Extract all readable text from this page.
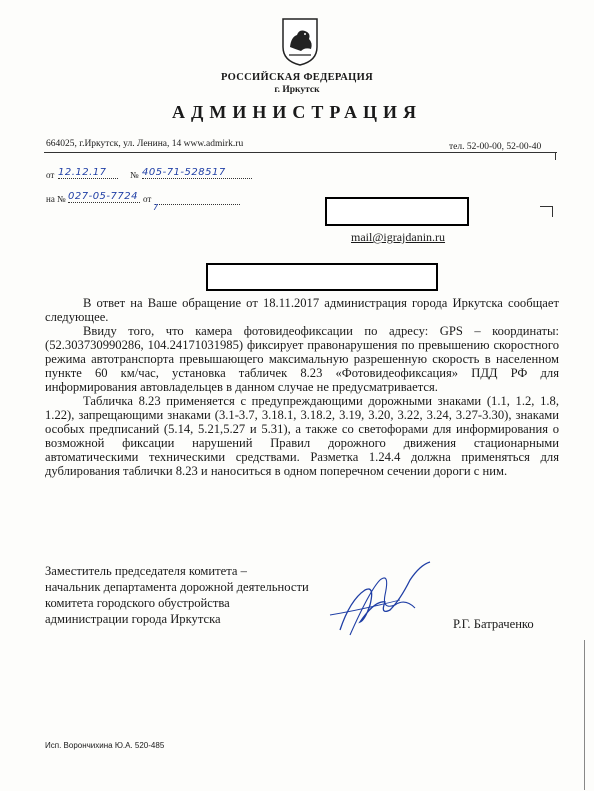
РОССИЙСКАЯ ФЕДЕРАЦИЯ
г. Иркутск
АДМИНИСТРАЦИЯ
664025, г.Иркутск, ул. Ленина, 14 www.admirk.ru	тел. 52-00-00, 52-00-40
от 12.12.17	№ 405-71-528517
на № 027-05-7724 от
7
mail@igrajdanin.ru

В ответ на Ваше обращение от 18.11.2017 администрация города Иркутска сообщает следующее.

Ввиду того, что камера фотовидеофиксации по адресу: GPS – координаты: (52.303730990286, 104.24171031985) фиксирует правонарушения по превышению скоростного режима автотранспорта превышающего максимальную разрешенную скорость в населенном пункте 60 км/час, установка табличек 8.23 «Фотовидеофиксация» ПДД РФ для информирования автовладельцев в данном случае не предусматривается.

Табличка 8.23 применяется с предупреждающими дорожными знаками (1.1, 1.2, 1.8, 1.22), запрещающими знаками (3.1-3.7, 3.18.1, 3.18.2, 3.19, 3.20, 3.22, 3.24, 3.27-3.30), знаками особых предписаний (5.14, 5.21,5.27 и 5.31), а также со светофорами для информирования о возможной фиксации нарушений Правил дорожного движения стационарными автоматическими техническими средствами. Разметка 1.24.4 должна применяться для дублирования таблички 8.23 и наноситься в одном поперечном сечении дороги с ним.

Заместитель председателя комитета –
начальник департамента дорожной деятельности
комитета городского обустройства
администрации города Иркутска	Р.Г. Батраченко
Исп. Ворончихина Ю.А. 520-485
